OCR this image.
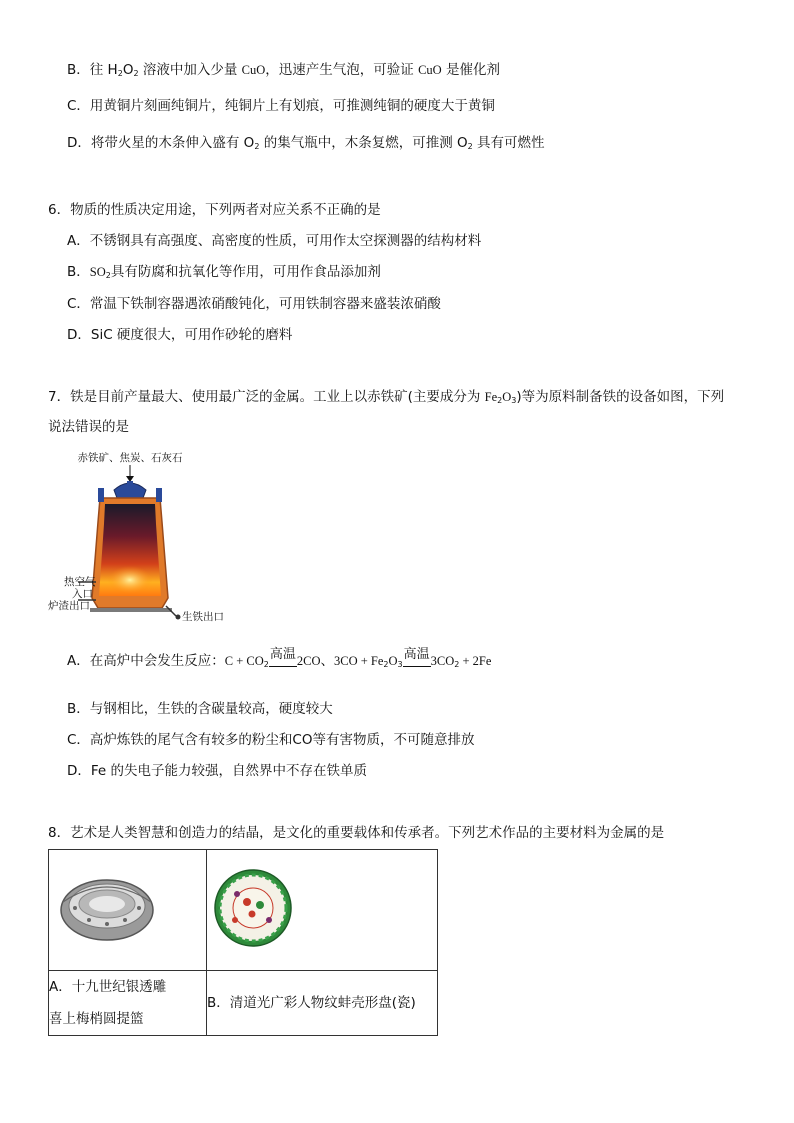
B．往 $H_2O_2$ 溶液中加入少量 CuO，迅速产生气泡，可验证 CuO 是催化剂
C．用黄铜片刻画纯铜片，纯铜片上有划痕，可推测纯铜的硬度大于黄铜
D．将带火星的木条伸入盛有 $O_2$ 的集气瓶中，木条复燃，可推测 $O_2$ 具有可燃性
6．物质的性质决定用途，下列两者对应关系不正确的是
A．不锈钢具有高强度、高密度的性质，可用作太空探测器的结构材料
B．$SO_2$具有防腐和抗氧化等作用，可用作食品添加剂
C．常温下铁制容器遇浓硝酸钝化，可用铁制容器来盛装浓硝酸
D．SiC 硬度很大，可用作砂轮的磨料
7．铁是目前产量最大、使用最广泛的金属。工业上以赤铁矿(主要成分为 $Fe_2O_3$)等为原料制备铁的设备如图，下列
说法错误的是
赤铁矿、焦炭、石灰石
热空气
入口
炉渣出口
生铁出口
A．在高炉中会发生反应：$C + CO_2$
高温 2CO、$3CO + Fe_2O_3$
高温 $3CO_2 + 2Fe$
B．与钢相比，生铁的含碳量较高，硬度较大
C．高炉炼铁的尾气含有较多的粉尘和CO等有害物质，不可随意排放
D．Fe 的失电子能力较强，自然界中不存在铁单质
8．艺术是人类智慧和创造力的结晶，是文化的重要载体和传承者。下列艺术作品的主要材料为金属的是

A．十九世纪银透雕
喜上梅梢圆提篮	B．清道光广彩人物纹蚌壳形盘(瓷)
